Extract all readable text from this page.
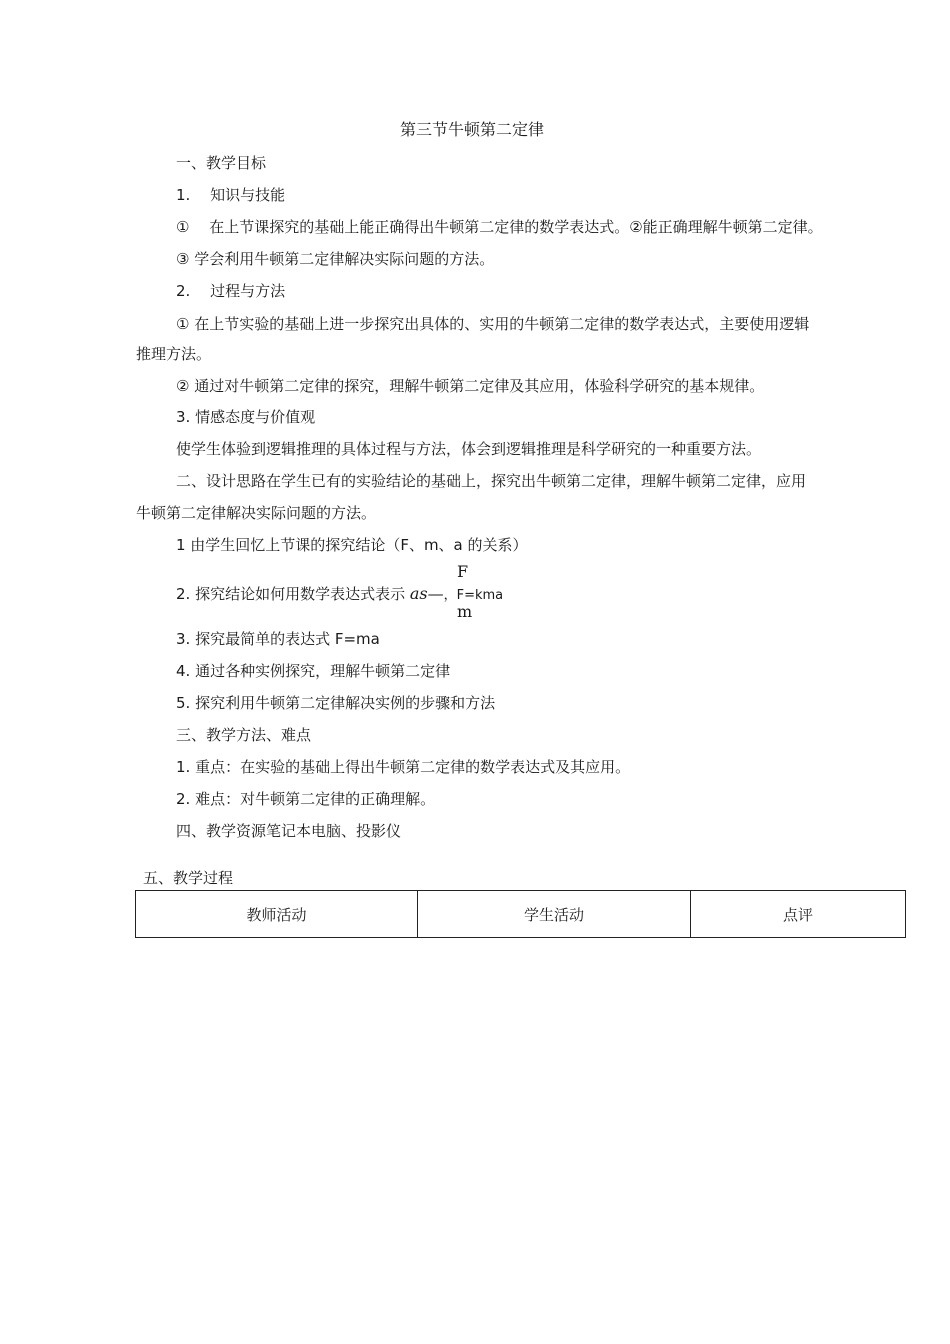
第三节牛顿第二定律
一、教学目标
1.　 知识与技能
①　 在上节课探究的基础上能正确得出牛顿第二定律的数学表达式。②能正确理解牛顿第二定律。
③ 学会利用牛顿第二定律解决实际问题的方法。
2.　 过程与方法
① 在上节实验的基础上进一步探究出具体的、实用的牛顿第二定律的数学表达式，主要使用逻辑
推理方法。
② 通过对牛顿第二定律的探究，理解牛顿第二定律及其应用，体验科学研究的基本规律。
3. 情感态度与价值观
使学生体验到逻辑推理的具体过程与方法，体会到逻辑推理是科学研究的一种重要方法。
二、设计思路在学生已有的实验结论的基础上，探究出牛顿第二定律，理解牛顿第二定律，应用
牛顿第二定律解决实际问题的方法。
1 由学生回忆上节课的探究结论（F、m、a 的关系）
2. 探究结论如何用数学表达式表示 as—，F=kma
F
m
3. 探究最简单的表达式 F=ma
4. 通过各种实例探究，理解牛顿第二定律
5. 探究利用牛顿第二定律解决实例的步骤和方法
三、教学方法、难点
1. 重点：在实验的基础上得出牛顿第二定律的数学表达式及其应用。
2. 难点：对牛顿第二定律的正确理解。
四、教学资源笔记本电脑、投影仪
五、教学过程
教师活动	学生活动	点评
